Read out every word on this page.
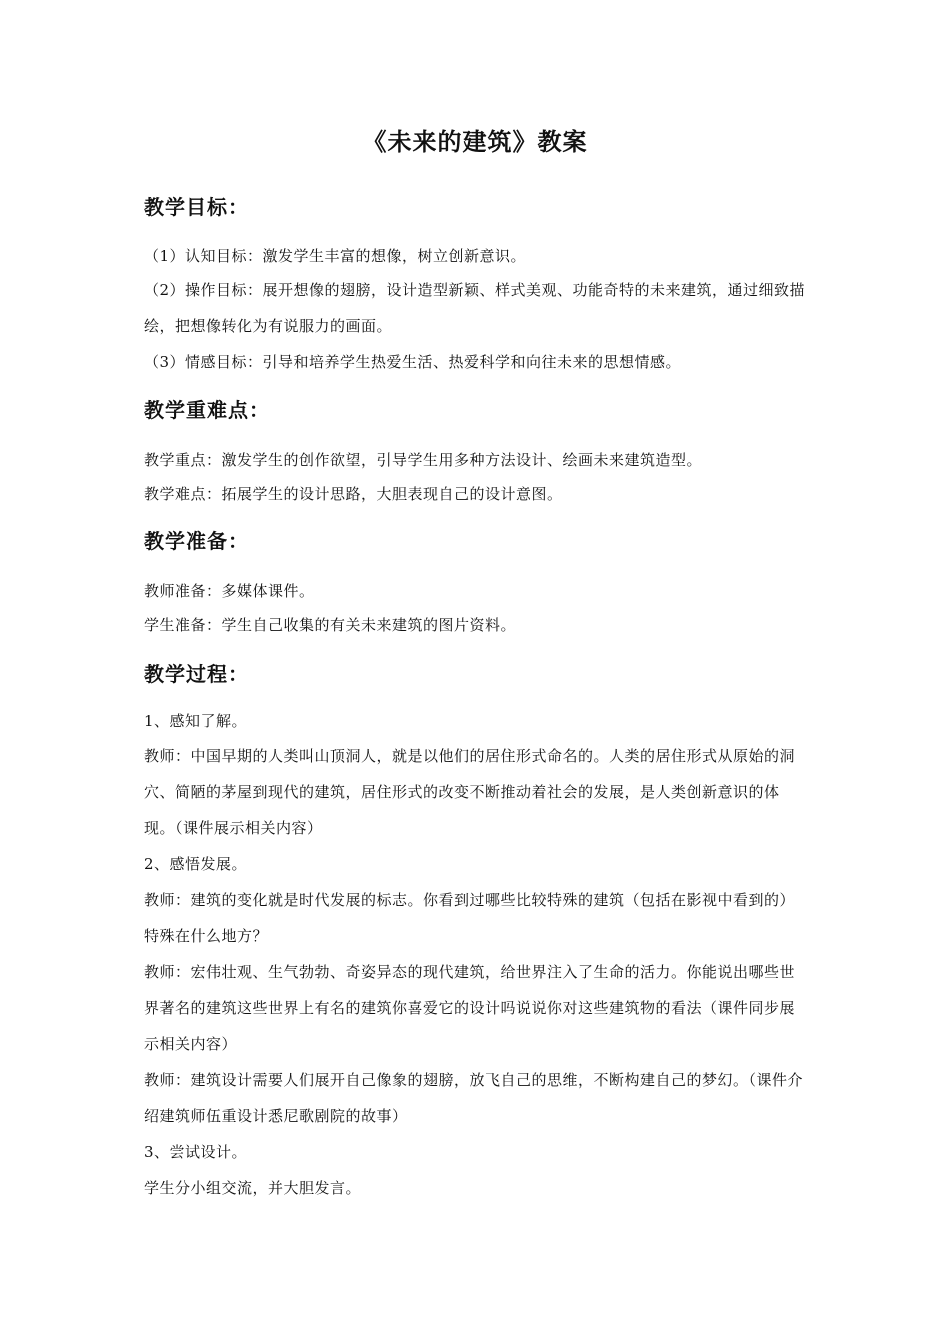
《未来的建筑》教案
教学目标：
（1）认知目标：激发学生丰富的想像，树立创新意识。
（2）操作目标：展开想像的翅膀，设计造型新颖、样式美观、功能奇特的未来建筑，通过细致描绘，把想像转化为有说服力的画面。
（3）情感目标：引导和培养学生热爱生活、热爱科学和向往未来的思想情感。
教学重难点：
教学重点：激发学生的创作欲望，引导学生用多种方法设计、绘画未来建筑造型。
教学难点：拓展学生的设计思路，大胆表现自己的设计意图。
教学准备：
教师准备：多媒体课件。
学生准备：学生自己收集的有关未来建筑的图片资料。
教学过程：
1、感知了解。
教师：中国早期的人类叫山顶洞人，就是以他们的居住形式命名的。人类的居住形式从原始的洞穴、简陋的茅屋到现代的建筑，居住形式的改变不断推动着社会的发展，是人类创新意识的体现。（课件展示相关内容）
2、感悟发展。
教师：建筑的变化就是时代发展的标志。你看到过哪些比较特殊的建筑（包括在影视中看到的）特殊在什么地方？
教师：宏伟壮观、生气勃勃、奇姿异态的现代建筑，给世界注入了生命的活力。你能说出哪些世界著名的建筑这些世界上有名的建筑你喜爱它的设计吗说说你对这些建筑物的看法（课件同步展示相关内容）
教师：建筑设计需要人们展开自己像象的翅膀，放飞自己的思维，不断构建自己的梦幻。（课件介绍建筑师伍重设计悉尼歌剧院的故事）
3、尝试设计。
学生分小组交流，并大胆发言。
